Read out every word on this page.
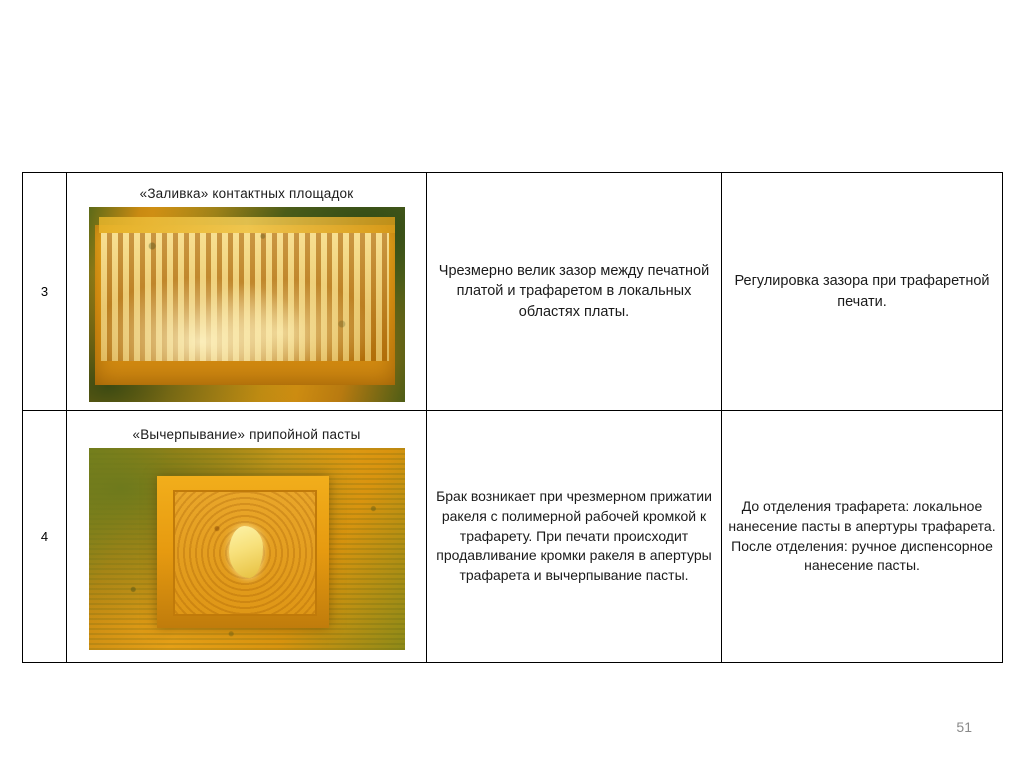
3	«Заливка» контактных площадок	Чрезмерно велик зазор между печатной платой и трафаретом в локальных областях платы.	Регулировка зазора при трафаретной печати.

4	«Вычерпывание» припойной пасты	Брак возникает при чрезмерном прижатии ракеля с полимерной рабочей кромкой к трафарету. При печати происходит продавливание кромки ракеля в апертуры трафарета и вычерпывание пасты.	До отделения трафарета: локальное нанесение пасты в апертуры трафарета. После отделения: ручное диспенсорное нанесение пасты.

51
